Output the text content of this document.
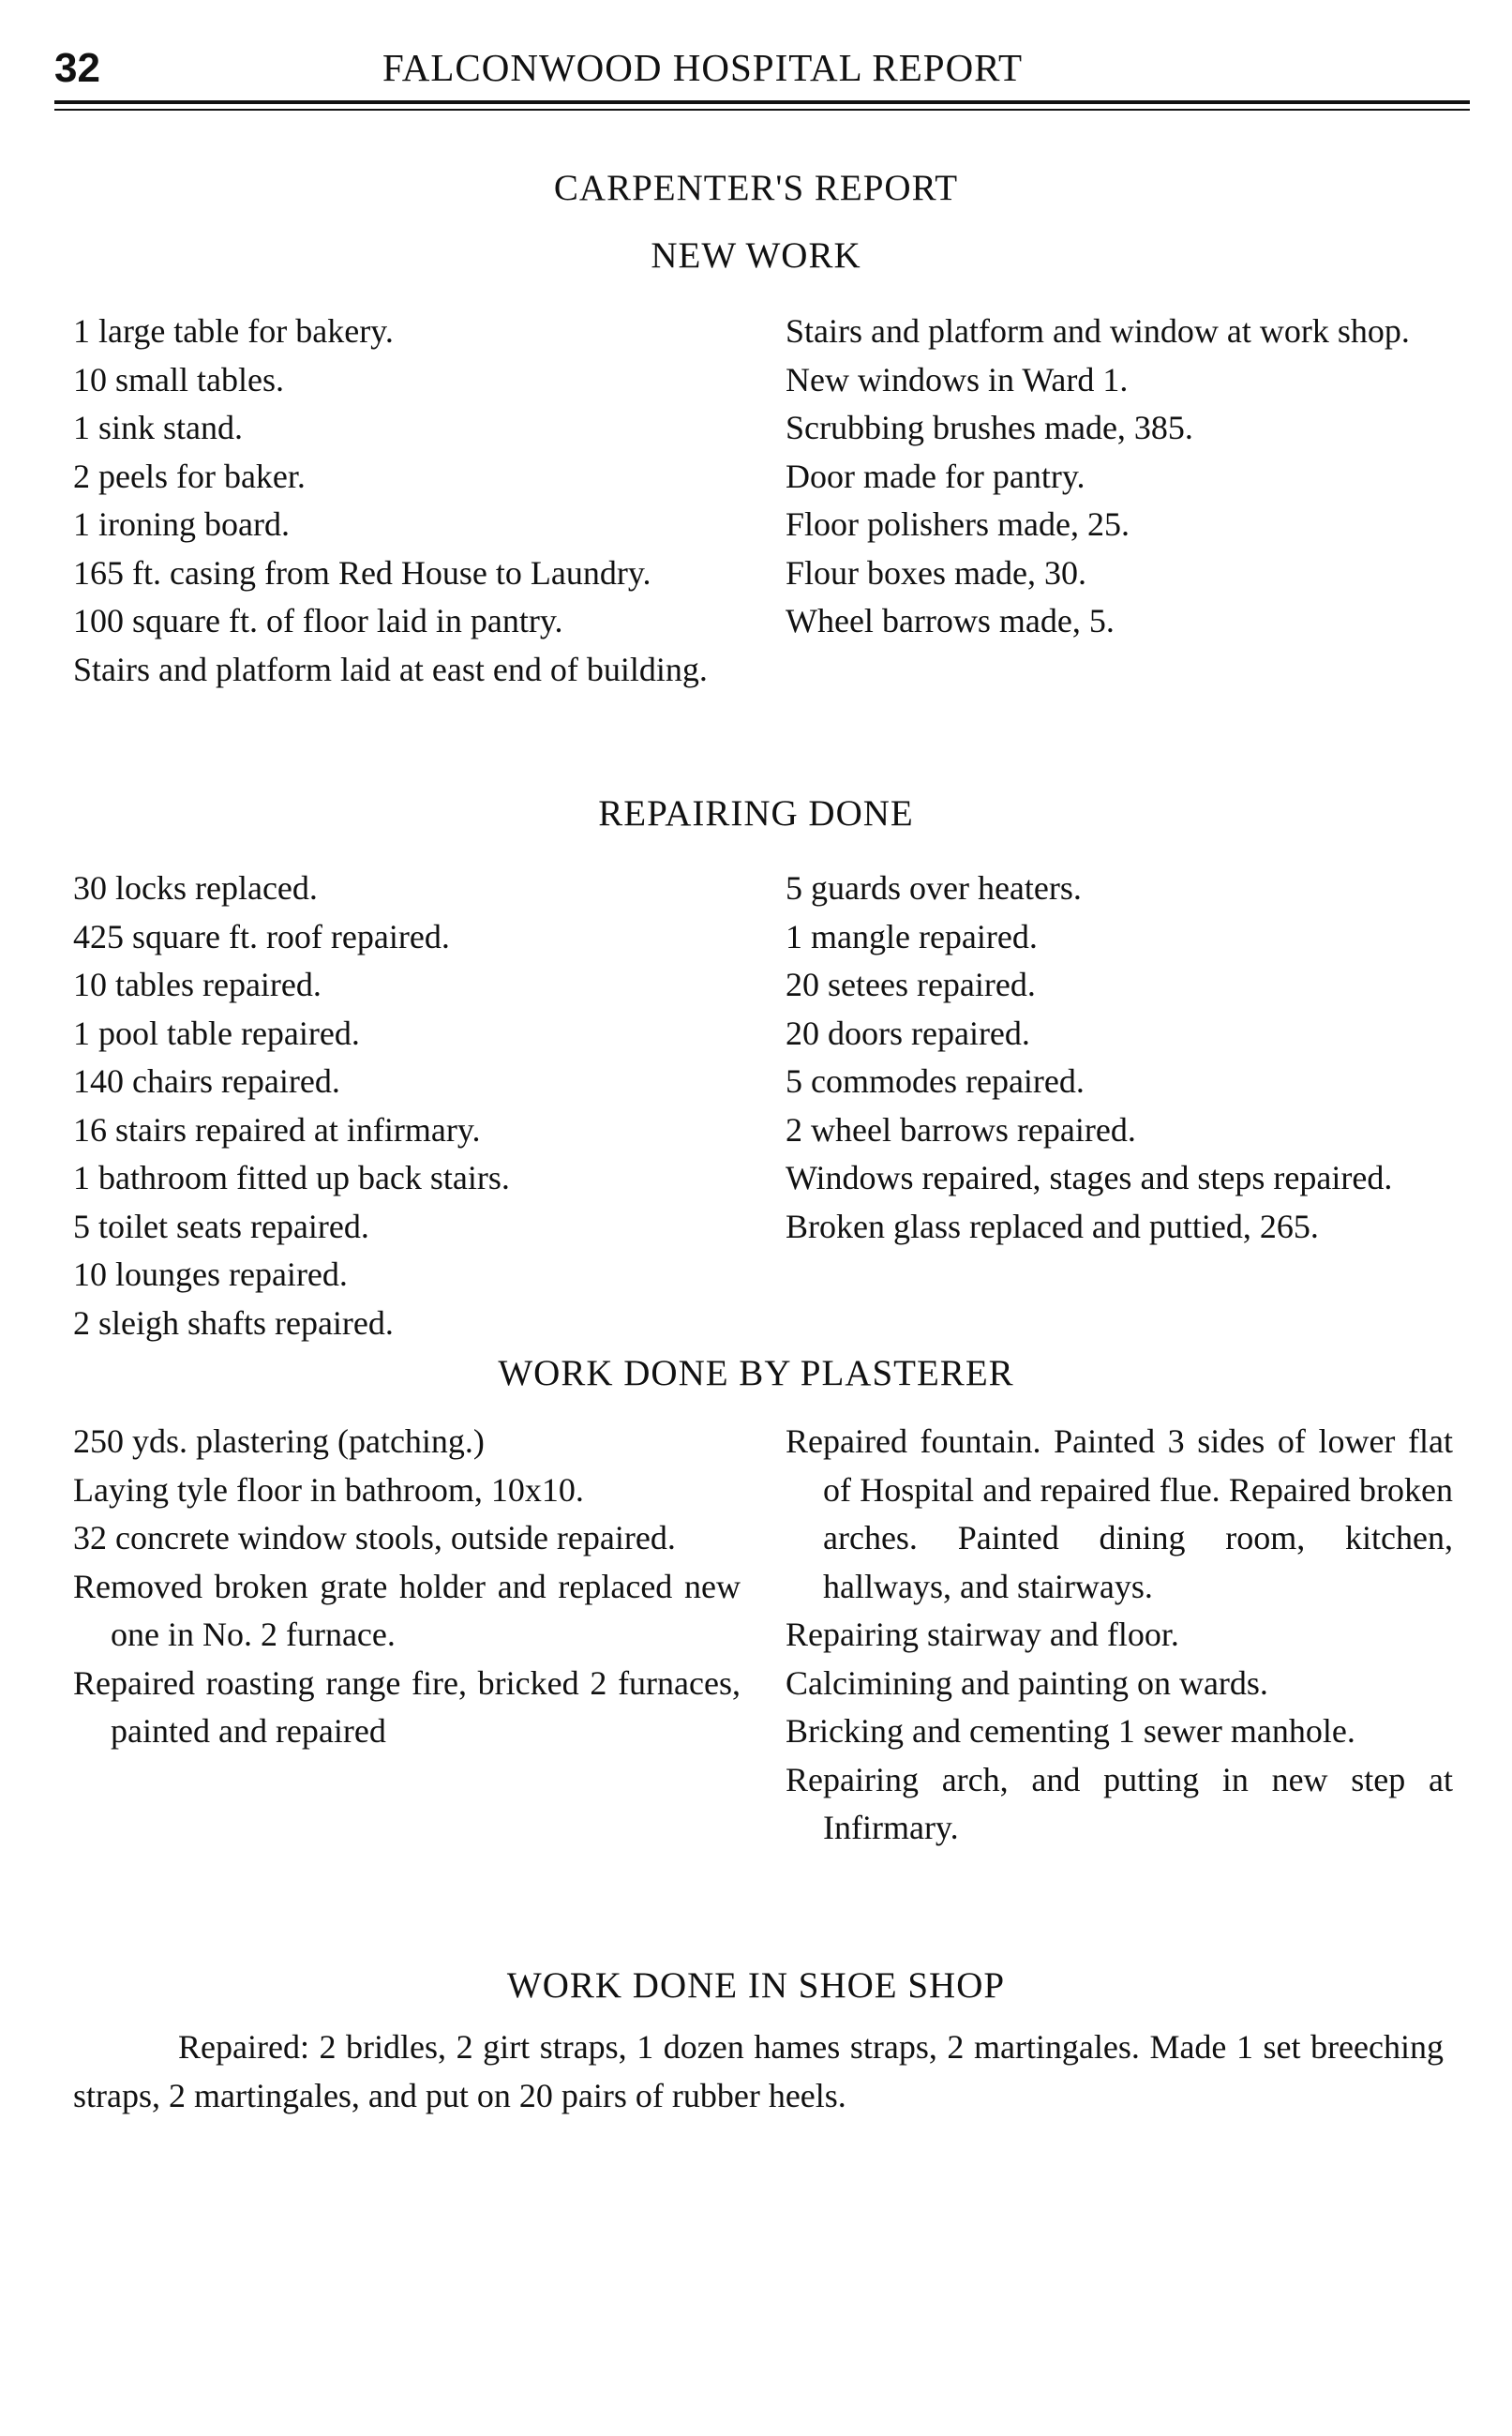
32	FALCONWOOD HOSPITAL REPORT
CARPENTER'S REPORT
NEW WORK
1 large table for bakery.
10 small tables.
1 sink stand.
2 peels for baker.
1 ironing board.
165 ft. casing from Red House to Laundry.
100 square ft. of floor laid in pantry.
Stairs and platform laid at east end of building.
Stairs and platform and window at work shop.
New windows in Ward 1.
Scrubbing brushes made, 385.
Door made for pantry.
Floor polishers made, 25.
Flour boxes made, 30.
Wheel barrows made, 5.
REPAIRING DONE
30 locks replaced.
425 square ft. roof repaired.
10 tables repaired.
1 pool table repaired.
140 chairs repaired.
16 stairs repaired at infirmary.
1 bathroom fitted up back stairs.
5 toilet seats repaired.
10 lounges repaired.
2 sleigh shafts repaired.
5 guards over heaters.
1 mangle repaired.
20 setees repaired.
20 doors repaired.
5 commodes repaired.
2 wheel barrows repaired.
Windows repaired, stages and steps repaired.
Broken glass replaced and puttied, 265.
WORK DONE BY PLASTERER
250 yds. plastering (patching.)
Laying tyle floor in bathroom, 10x10.
32 concrete window stools, outside repaired.
Removed broken grate holder and replaced new one in No. 2 furnace.
Repaired roasting range fire, bricked 2 furnaces, painted and repaired
Repaired fountain. Painted 3 sides of lower flat of Hospital and repaired flue. Repaired broken arches. Painted dining room, kitchen, hallways, and stairways.
Repairing stairway and floor.
Calcimining and painting on wards.
Bricking and cementing 1 sewer manhole.
Repairing arch, and putting in new step at Infirmary.
WORK DONE IN SHOE SHOP

Repaired: 2 bridles, 2 girt straps, 1 dozen hames straps, 2 martingales. Made 1 set breeching straps, 2 martingales, and put on 20 pairs of rubber heels.
